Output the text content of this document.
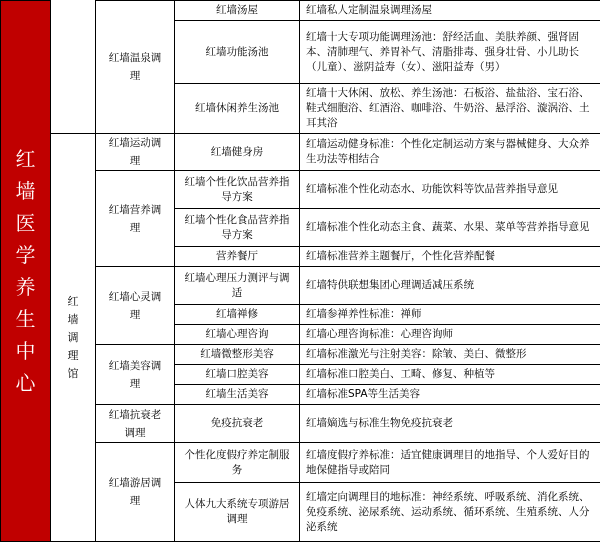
红墙医学养生中心		红墙温泉调理	红墙汤屋	红墙私人定制温泉调理汤屋
			红墙功能汤池	红墙十大专项功能调理汤池：舒经活血、美肤养颜、强肾固本、清肺理气、养胃补气、清脂排毒、强身壮骨、小儿助长（儿童）、滋阴益寿（女）、滋阳益寿（男）
			红墙休闲养生汤池	红墙十大休闲、放松、养生汤池：石板浴、盐盐浴、宝石浴、鞋式细胞浴、红酒浴、咖啡浴、牛奶浴、悬浮浴、漩涡浴、土耳其浴

	红墙调理馆	红墙运动调理	红墙健身房	红墙运动健身标准：个性化定制运动方案与器械健身、大众养生功法等相结合
		红墙营养调理	红墙个性化饮品营养指导方案	红墙标准个性化动态水、功能饮料等饮品营养指导意见
			红墙个性化食品营养指导方案	红墙标准个性化动态主食、蔬菜、水果、菜单等营养指导意见
			营养餐厅	红墙标准营养主题餐厅，个性化营养配餐
		红墙心灵调理	红墙心理压力测评与调适	红墙特供联想集团心理调适减压系统
			红墙禅修	红墙参禅养性标准：禅师
			红墙心理咨询	红墙心理咨询标准：心理咨询师
		红墙美容调理	红墙微整形美容	红墙标准激光与注射美容：除皱、美白、微整形
			红墙口腔美容	红墙标准口腔美白、工畸、修复、种植等
			红墙生活美容	红墙标准SPA等生活美容
		红墙抗衰老调理	免疫抗衰老	红墙嫡选与标准生物免疫抗衰老
		红墙游居调理	个性化度假疗养定制服务	红墙度假疗养标准：适宜健康调理目的地指导、个人爱好目的地保健指导或陪同
			人体九大系统专项游居调理	红墙定向调理目的地标准：神经系统、呼吸系统、消化系统、免疫系统、泌尿系统、运动系统、循环系统、生殖系统、人分泌系统
